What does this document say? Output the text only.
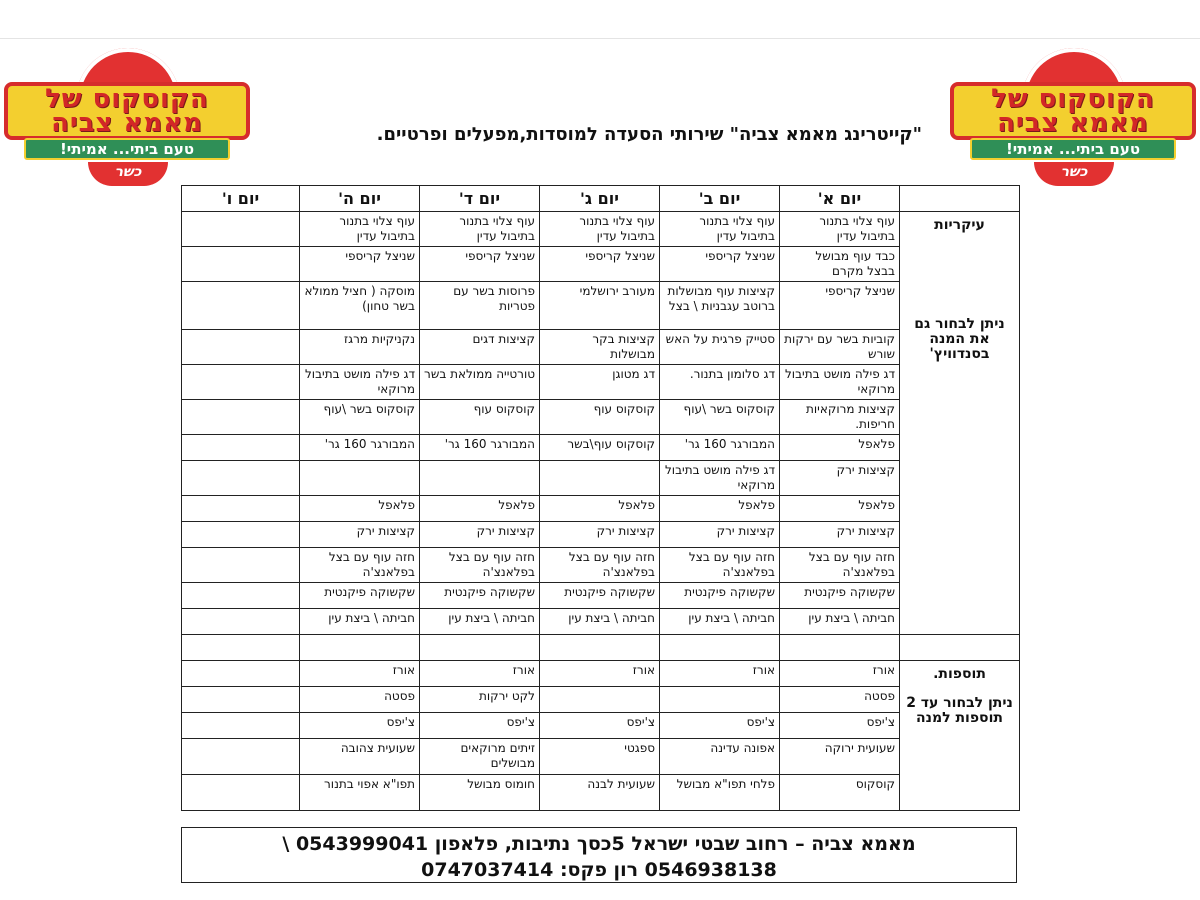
הקוסקוס של
מאמא צביה
טעם ביתי... אמיתי!
כשר
הקוסקוס של
מאמא צביה
טעם ביתי... אמיתי!
כשר
"קייטרינג מאמא צביה" שירותי הסעדה למוסדות,מפעלים ופרטיים.
	יום א'	יום ב'	יום ג'	יום ד'	יום ה'	יום ו'
עיקריות
ניתן לבחור גם את המנה בסנדוויץ'	עוף צלוי בתנור בתיבול עדין	עוף צלוי בתנור בתיבול עדין	עוף צלוי בתנור בתיבול עדין	עוף צלוי בתנור בתיבול עדין	עוף צלוי בתנור בתיבול עדין	
	כבד עוף מבושל בבצל מקרם	שניצל קריספי	שניצל קריספי	שניצל קריספי	שניצל קריספי	
	שניצל קריספי	קציצות עוף מבושלות ברוטב עגבניות \ בצל	מעורב ירושלמי	פרוסות בשר עם פטריות	מוסקה ( חציל ממולא בשר טחון)	
	קוביות בשר עם ירקות שורש	סטייק פרגית על האש	קציצות בקר מבושלות	קציצות דגים	נקניקיות מרגז	
	דג פילה מושט בתיבול מרוקאי	דג סלומון בתנור.	דג מטוגן	טורטייה ממולאת בשר	דג פילה מושט בתיבול מרוקאי	
	קציצות מרוקאיות חריפות.	קוסקוס בשר \עוף	קוסקוס עוף	קוסקוס עוף	קוסקוס בשר \עוף	
	פלאפל	המבורגר 160 גר'	קוסקוס עוף\בשר	המבורגר 160 גר'	המבורגר 160 גר'	
	קציצות ירק	דג פילה מושט בתיבול מרוקאי				
	פלאפל	פלאפל	פלאפל	פלאפל	פלאפל	
	קציצות ירק	קציצות ירק	קציצות ירק	קציצות ירק	קציצות ירק	
	חזה עוף עם בצל בפלאנצ'ה	חזה עוף עם בצל בפלאנצ'ה	חזה עוף עם בצל בפלאנצ'ה	חזה עוף עם בצל בפלאנצ'ה	חזה עוף עם בצל בפלאנצ'ה	
	שקשוקה פיקנטית	שקשוקה פיקנטית	שקשוקה פיקנטית	שקשוקה פיקנטית	שקשוקה פיקנטית	
	חביתה \ ביצת עין	חביתה \ ביצת עין	חביתה \ ביצת עין	חביתה \ ביצת עין	חביתה \ ביצת עין	

תוספות.
ניתן לבחור עד 2 תוספות למנה	אורז	אורז	אורז	אורז	אורז	
	פסטה			לקט ירקות	פסטה	
	צ'יפס	צ'יפס	צ'יפס	צ'יפס	צ'יפס	
	שעועית ירוקה	אפונה עדינה	ספגטי	זיתים מרוקאים מבושלים	שעועית צהובה	
	קוסקוס	פלחי תפו"א מבושל	שעועית לבנה	חומוס מבושל	תפו"א אפוי בתנור	
מאמא צביה – רחוב שבטי ישראל 5כסך נתיבות, פלאפון 0543999041 \
0546938138 רון פקס: 0747037414
